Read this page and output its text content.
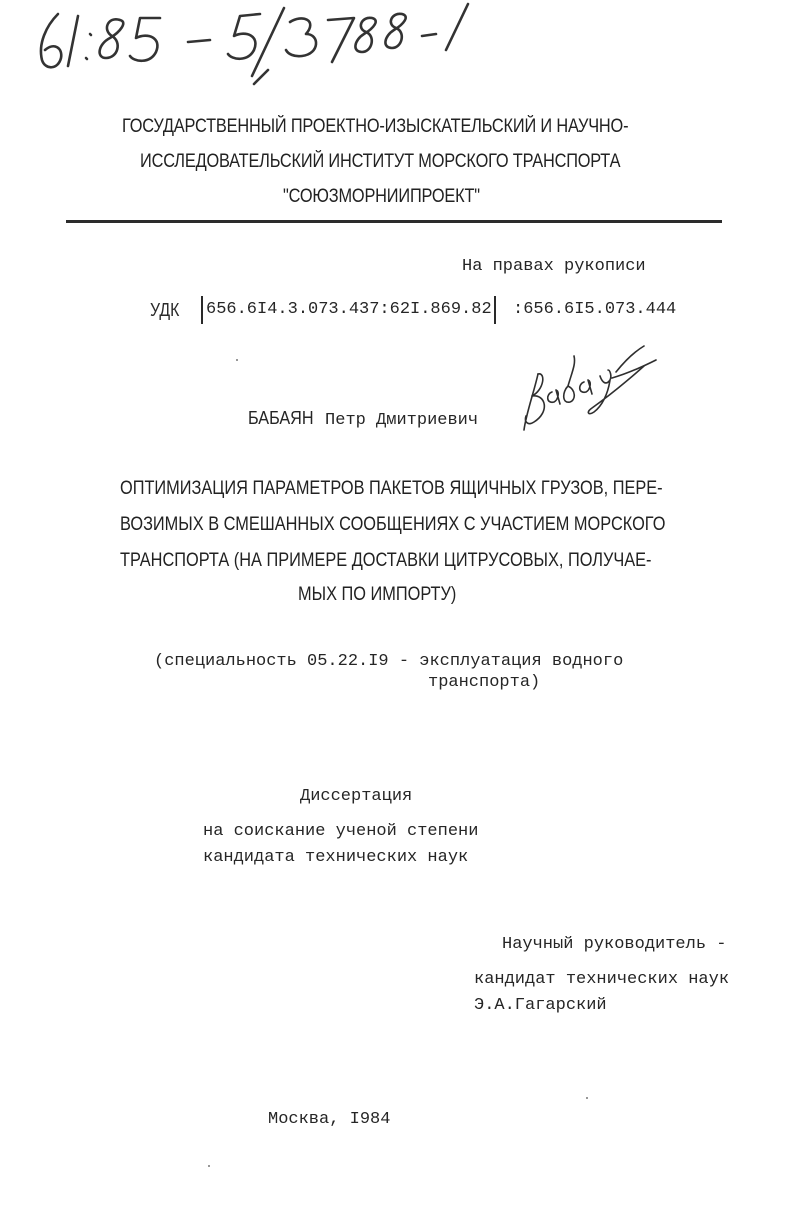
ГОСУДАРСТВЕННЫЙ ПРОЕКТНО-ИЗЫСКАТЕЛЬСКИЙ И НАУЧНО-
ИССЛЕДОВАТЕЛЬСКИЙ ИНСТИТУТ МОРСКОГО ТРАНСПОРТА
"СОЮЗМОРНИИПРОЕКТ"
На правах рукописи
УДК 656.6I4.3.073.437:62I.869.82 :656.6I5.073.444
БАБАЯН Петр Дмитриевич
ОПТИМИЗАЦИЯ ПАРАМЕТРОВ ПАКЕТОВ ЯЩИЧНЫХ ГРУЗОВ, ПЕРЕ-
ВОЗИМЫХ В СМЕШАННЫХ СООБЩЕНИЯХ С УЧАСТИЕМ МОРСКОГО
ТРАНСПОРТА (НА ПРИМЕРЕ ДОСТАВКИ ЦИТРУСОВЫХ, ПОЛУЧАЕ-
МЫХ ПО ИМПОРТУ)
(специальность 05.22.I9 - эксплуатация водного
транспорта)
Диссертация
на соискание ученой степени
кандидата технических наук
Научный руководитель -
кандидат технических наук
Э.А.Гагарский
Москва, I984
